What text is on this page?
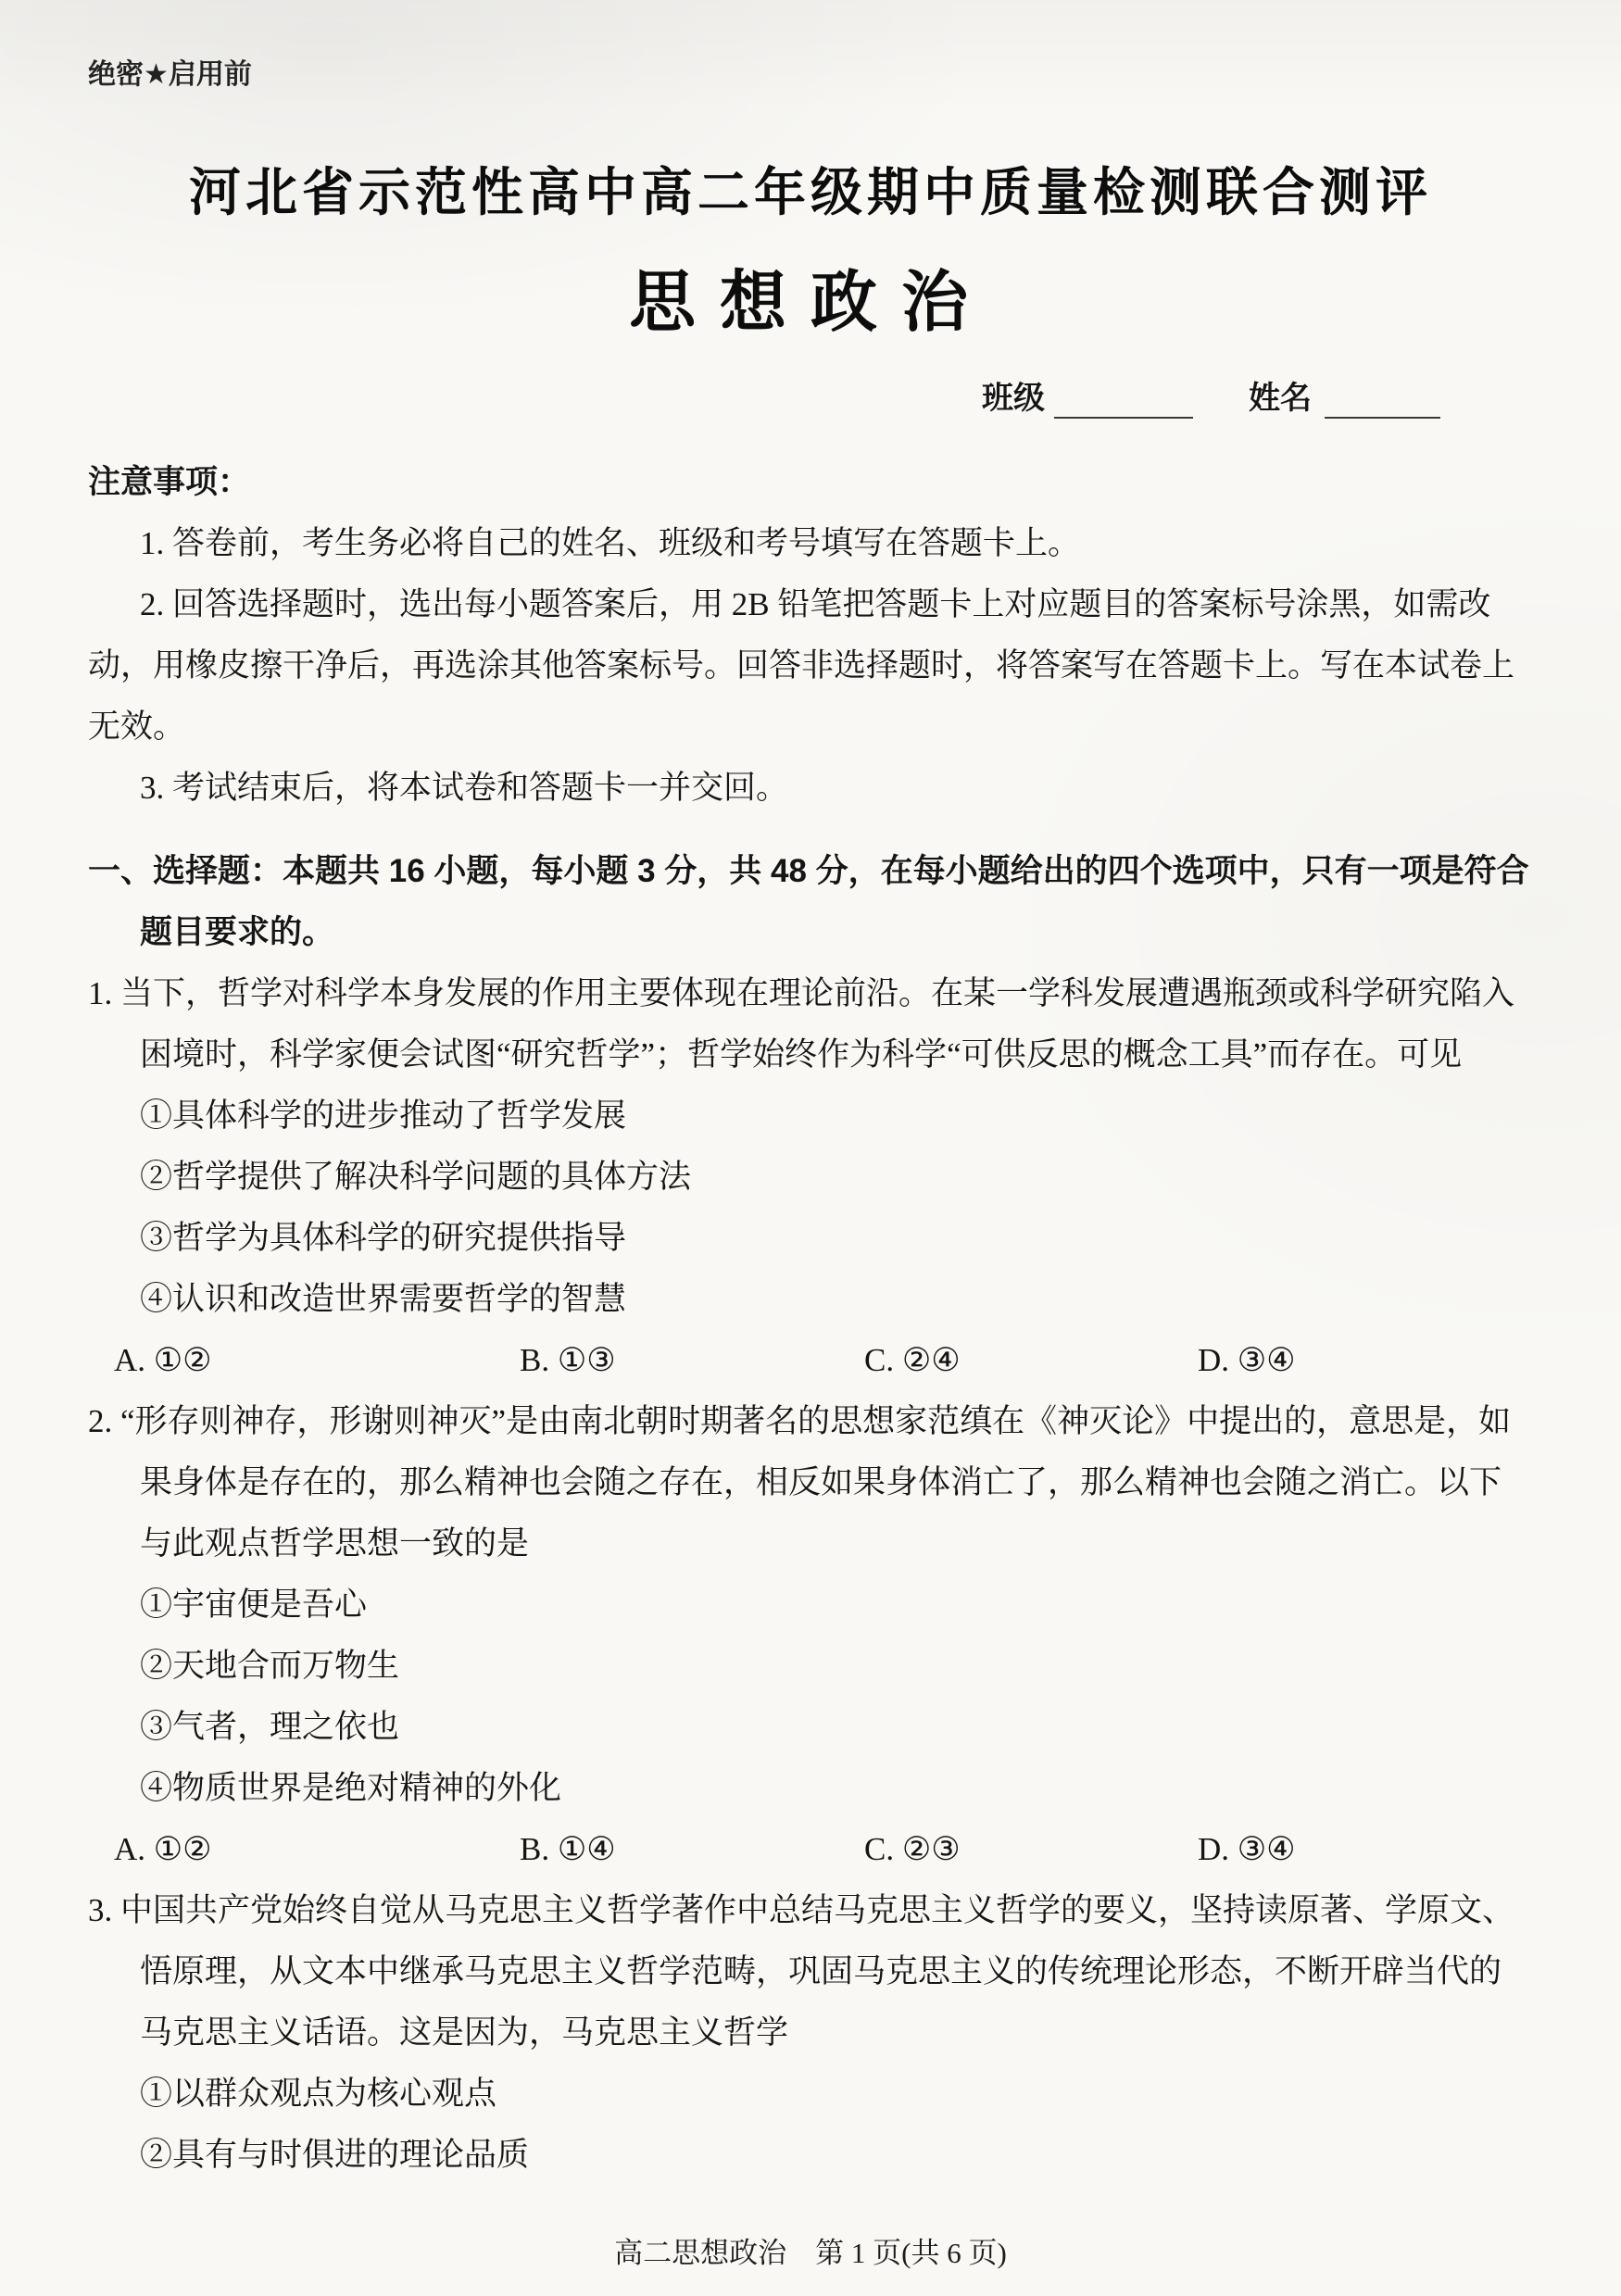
绝密★启用前
河北省示范性高中高二年级期中质量检测联合测评
思想政治
班级	姓名
注意事项：

1. 答卷前，考生务必将自己的姓名、班级和考号填写在答题卡上。

2. 回答选择题时，选出每小题答案后，用 2B 铅笔把答题卡上对应题目的答案标号涂黑，如需改动，用橡皮擦干净后，再选涂其他答案标号。回答非选择题时，将答案写在答题卡上。写在本试卷上无效。

3. 考试结束后，将本试卷和答题卡一并交回。

一、选择题：本题共 16 小题，每小题 3 分，共 48 分，在每小题给出的四个选项中，只有一项是符合题目要求的。

1. 当下，哲学对科学本身发展的作用主要体现在理论前沿。在某一学科发展遭遇瓶颈或科学研究陷入困境时，科学家便会试图“研究哲学”；哲学始终作为科学“可供反思的概念工具”而存在。可见

①具体科学的进步推动了哲学发展

②哲学提供了解决科学问题的具体方法

③哲学为具体科学的研究提供指导

④认识和改造世界需要哲学的智慧

A. ①②	B. ①③	C. ②④	D. ③④

2. “形存则神存，形谢则神灭”是由南北朝时期著名的思想家范缜在《神灭论》中提出的，意思是，如果身体是存在的，那么精神也会随之存在，相反如果身体消亡了，那么精神也会随之消亡。以下与此观点哲学思想一致的是

①宇宙便是吾心

②天地合而万物生

③气者，理之依也

④物质世界是绝对精神的外化

A. ①②	B. ①④	C. ②③	D. ③④

3. 中国共产党始终自觉从马克思主义哲学著作中总结马克思主义哲学的要义，坚持读原著、学原文、悟原理，从文本中继承马克思主义哲学范畴，巩固马克思主义的传统理论形态，不断开辟当代的马克思主义话语。这是因为，马克思主义哲学

①以群众观点为核心观点

②具有与时俱进的理论品质

高二思想政治　第 1 页(共 6 页)
